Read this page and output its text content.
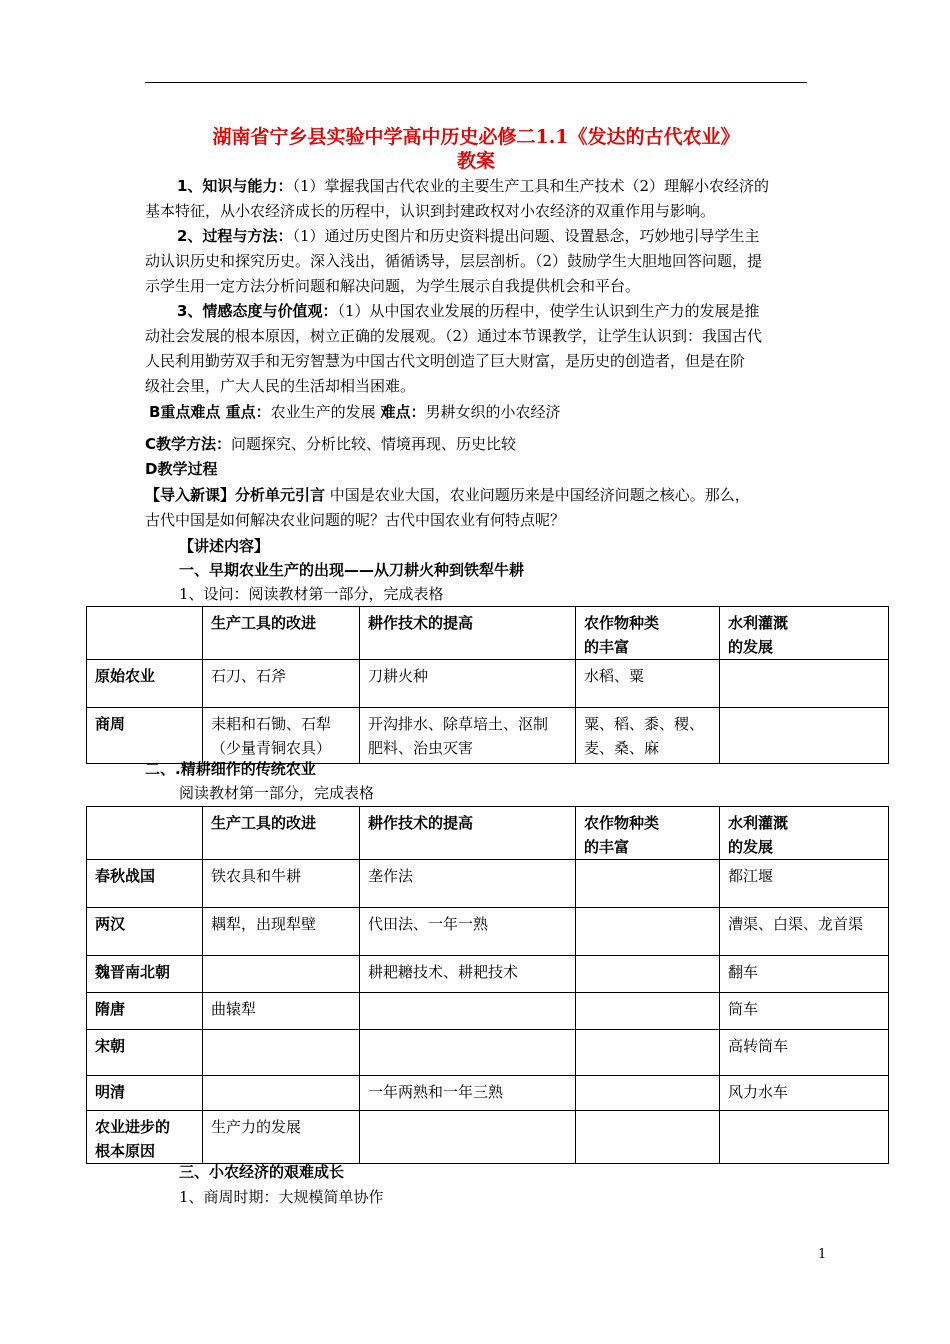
湖南省宁乡县实验中学高中历史必修二1.1《发达的古代农业》
教案
1、知识与能力：（1）掌握我国古代农业的主要生产工具和生产技术（2）理解小农经济的
基本特征，从小农经济成长的历程中，认识到封建政权对小农经济的双重作用与影响。
2、过程与方法：（1）通过历史图片和历史资料提出问题、设置悬念，巧妙地引导学生主
动认识历史和探究历史。深入浅出，循循诱导，层层剖析。（2）鼓励学生大胆地回答问题，提
示学生用一定方法分析问题和解决问题，为学生展示自我提供机会和平台。
3、情感态度与价值观：（1）从中国农业发展的历程中，使学生认识到生产力的发展是推
动社会发展的根本原因，树立正确的发展观。（2）通过本节课教学，让学生认识到：我国古代
人民利用勤劳双手和无穷智慧为中国古代文明创造了巨大财富，是历史的创造者，但是在阶
级社会里，广大人民的生活却相当困难。
B重点难点 重点：农业生产的发展 难点：男耕女织的小农经济
C教学方法：问题探究、分析比较、情境再现、历史比较
D教学过程
【导入新课】分析单元引言 中国是农业大国，农业问题历来是中国经济问题之核心。那么，
古代中国是如何解决农业问题的呢？古代中国农业有何特点呢？
【讲述内容】
一、早期农业生产的出现——从刀耕火种到铁犁牛耕
1、设问：阅读教材第一部分，完成表格
	生产工具的改进	耕作技术的提高	农作物种类
的丰富	水利灌溉
的发展
原始农业	石刀、石斧	刀耕火种	水稻、粟	
商周	耒耜和石锄、石犁
（少量青铜农具）	开沟排水、除草培土、沤制
肥料、治虫灭害	粟、稻、黍、稷、
麦、桑、麻	
二、.精耕细作的传统农业
阅读教材第一部分，完成表格
	生产工具的改进	耕作技术的提高	农作物种类
的丰富	水利灌溉
的发展
春秋战国	铁农具和牛耕	垄作法		都江堰
两汉	耦犁，出现犁壁	代田法、一年一熟		漕渠、白渠、龙首渠
魏晋南北朝		耕耙耱技术、耕耙技术		翻车
隋唐	曲辕犁			筒车
宋朝				高转筒车
明清		一年两熟和一年三熟		风力水车
农业进步的
根本原因	生产力的发展			
三、小农经济的艰难成长
1、商周时期：大规模简单协作
1
